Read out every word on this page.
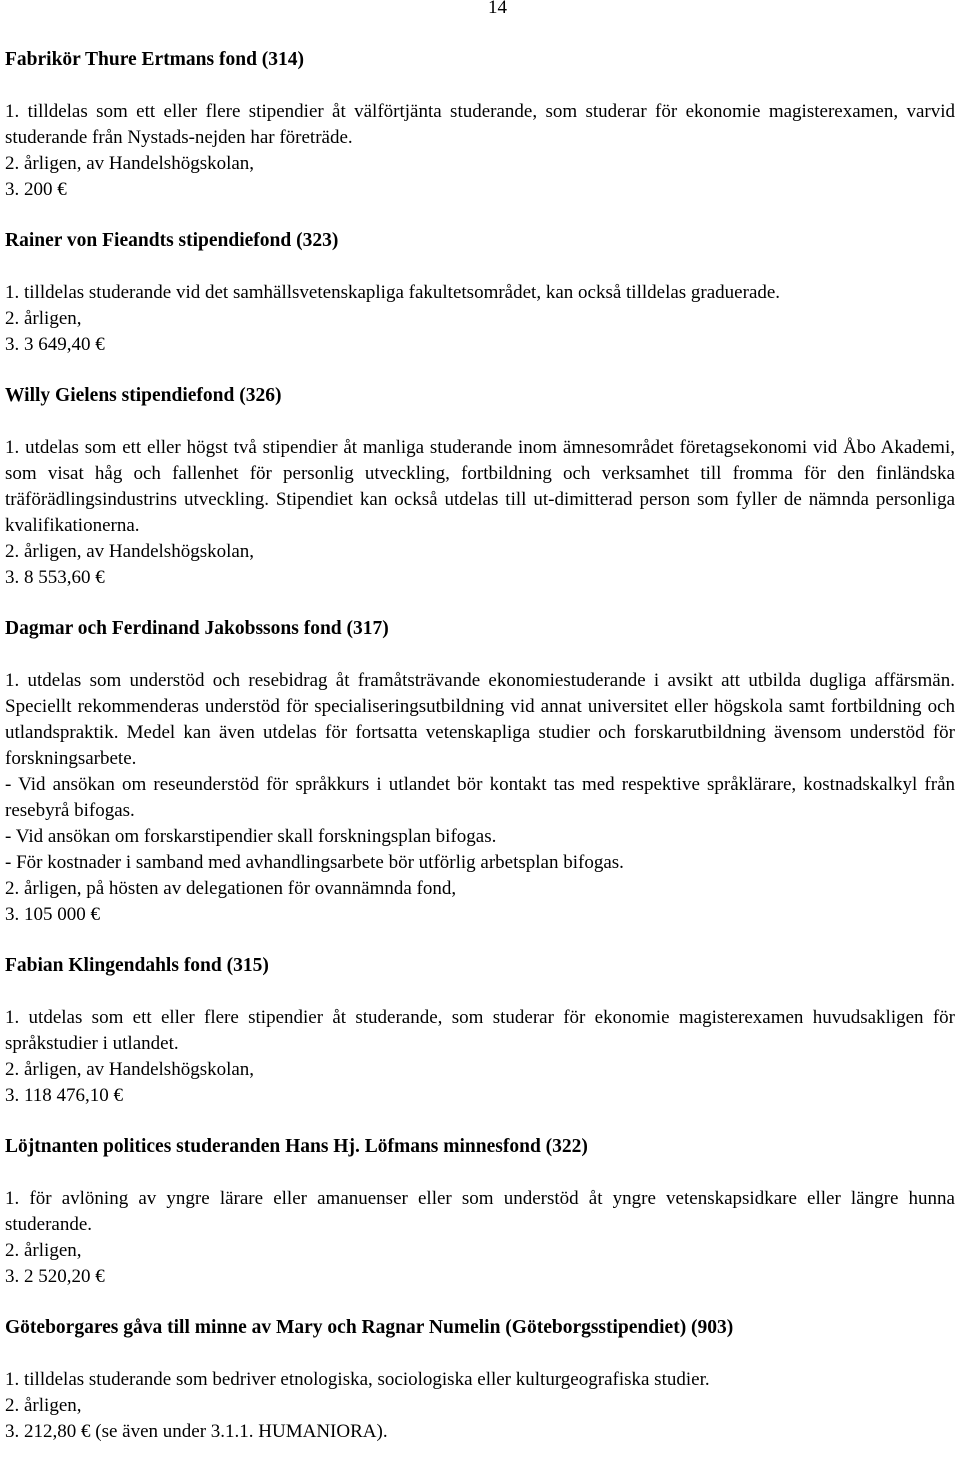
14
Fabrikör Thure Ertmans fond (314)

1. tilldelas som ett eller flere stipendier åt välförtjänta studerande, som studerar för ekonomie magisterexamen, varvid studerande från Nystads-nejden har företräde.

2. årligen, av Handelshögskolan,

3. 200 €

Rainer von Fieandts stipendiefond (323)

1. tilldelas studerande vid det samhällsvetenskapliga fakultetsområdet, kan också tilldelas graduerade.

2. årligen,

3. 3 649,40 €

Willy Gielens stipendiefond (326)

1. utdelas som ett eller högst två stipendier åt manliga studerande inom ämnesområdet företagsekonomi vid Åbo Akademi, som visat håg och fallenhet för personlig utveckling, fortbildning och verksamhet till fromma för den finländska träförädlingsindustrins utveckling. Stipendiet kan också utdelas till ut-dimitterad person som fyller de nämnda personliga kvalifikationerna.

2. årligen, av Handelshögskolan,

3. 8 553,60 €

Dagmar och Ferdinand Jakobssons fond (317)

1. utdelas som understöd och resebidrag åt framåtsträvande ekonomiestuderande i avsikt att utbilda dugliga affärsmän. Speciellt rekommenderas understöd för specialiseringsutbildning vid annat universitet eller högskola samt fortbildning och utlandspraktik. Medel kan även utdelas för fortsatta vetenskapliga studier och forskarutbildning ävensom understöd för forskningsarbete.

- Vid ansökan om reseunderstöd för språkkurs i utlandet bör kontakt tas med respektive språklärare, kostnadskalkyl från resebyrå bifogas.

- Vid ansökan om forskarstipendier skall forskningsplan bifogas.

- För kostnader i samband med avhandlingsarbete bör utförlig arbetsplan bifogas.

2. årligen, på hösten av delegationen för ovannämnda fond,

3. 105 000 €

Fabian Klingendahls fond (315)

1. utdelas som ett eller flere stipendier åt studerande, som studerar för ekonomie magisterexamen huvudsakligen för språkstudier i utlandet.

2. årligen, av Handelshögskolan,

3. 118 476,10 €

Löjtnanten politices studeranden Hans Hj. Löfmans minnesfond (322)

1. för avlöning av yngre lärare eller amanuenser eller som understöd åt yngre vetenskapsidkare eller längre hunna studerande.

2. årligen,

3. 2 520,20 €

Göteborgares gåva till minne av Mary och Ragnar Numelin (Göteborgsstipendiet) (903)

1. tilldelas studerande som bedriver etnologiska, sociologiska eller kulturgeografiska studier.

2. årligen,

3. 212,80 € (se även under 3.1.1. HUMANIORA).
